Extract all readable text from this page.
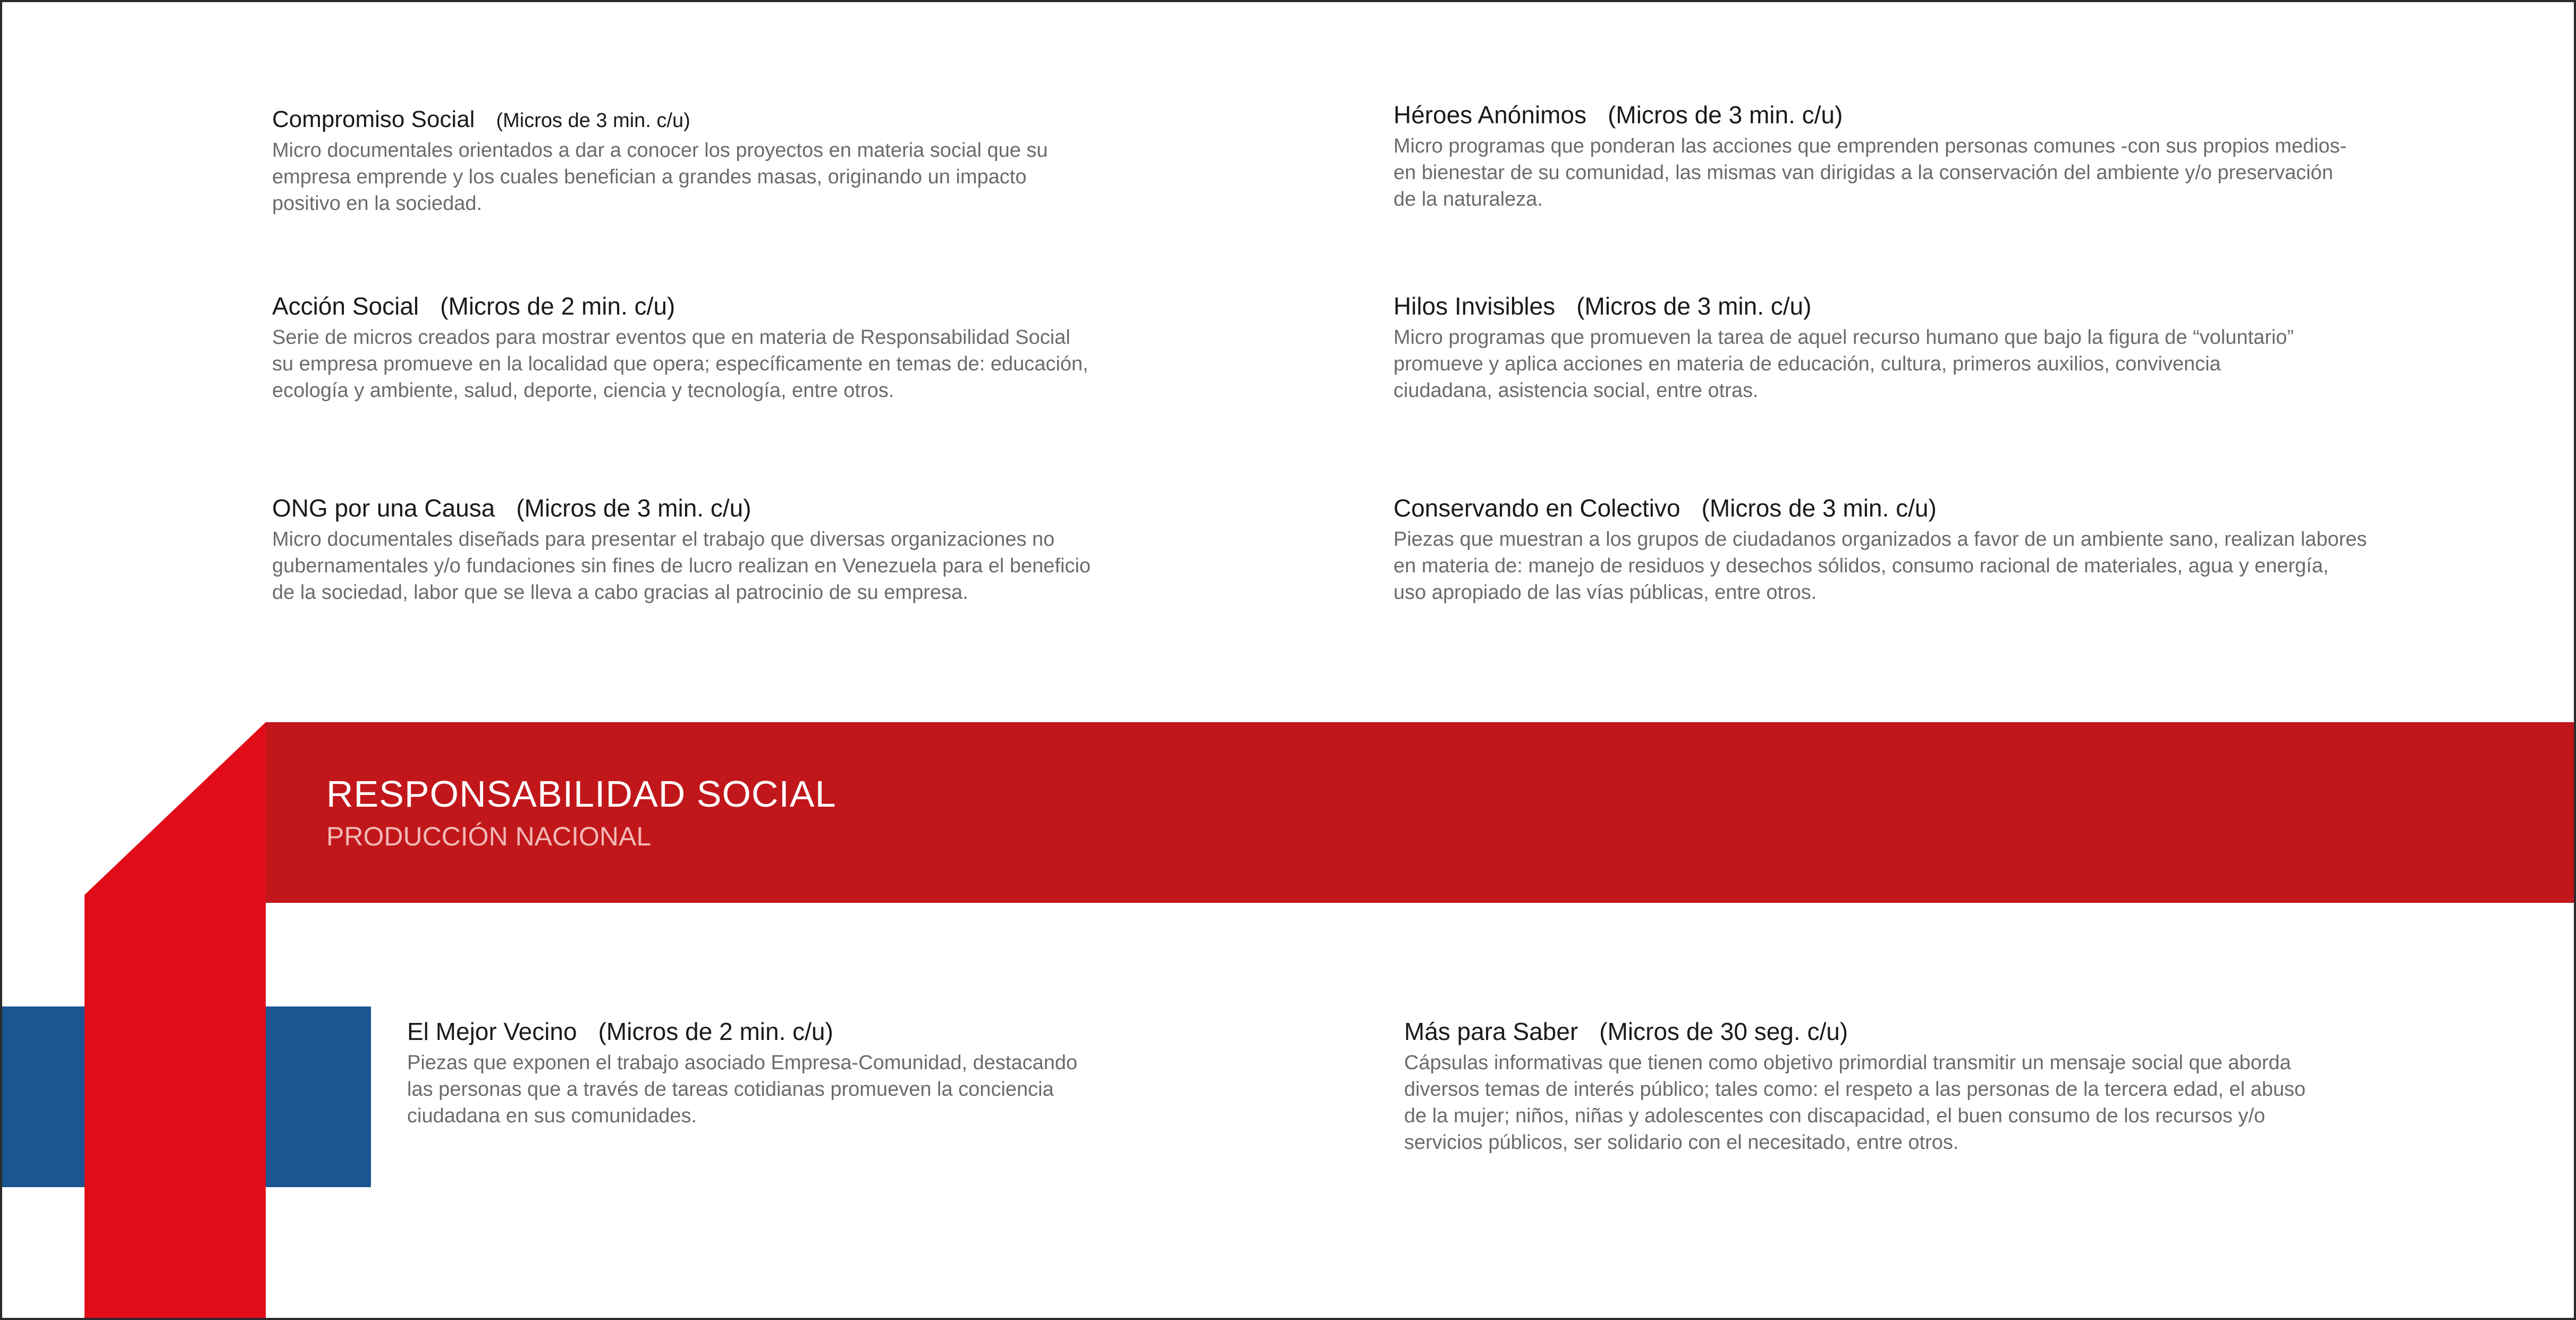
Compromiso Social (Micros de 3 min. c/u)

Micro documentales orientados a dar a conocer los proyectos en materia social que su
empresa emprende y los cuales benefician a grandes masas, originando un impacto
positivo en la sociedad.

Héroes Anónimos (Micros de 3 min. c/u)

Micro programas que ponderan las acciones que emprenden personas comunes -con sus propios medios-
en bienestar de su comunidad, las mismas van dirigidas a la conservación del ambiente y/o preservación
de la naturaleza.

Acción Social (Micros de 2 min. c/u)

Serie de micros creados para mostrar eventos que en materia de Responsabilidad Social
su empresa promueve en la localidad que opera; específicamente en temas de: educación,
ecología y ambiente, salud, deporte, ciencia y tecnología, entre otros.

Hilos Invisibles (Micros de 3 min. c/u)

Micro programas que promueven la tarea de aquel recurso humano que bajo la figura de “voluntario”
promueve y aplica acciones en materia de educación, cultura, primeros auxilios, convivencia
ciudadana, asistencia social, entre otras.

ONG por una Causa (Micros de 3 min. c/u)

Micro documentales diseñads para presentar el trabajo que diversas organizaciones no
gubernamentales y/o fundaciones sin fines de lucro realizan en Venezuela para el beneficio
de la sociedad, labor que se lleva a cabo gracias al patrocinio de su empresa.

Conservando en Colectivo (Micros de 3 min. c/u)

Piezas que muestran a los grupos de ciudadanos organizados a favor de un ambiente sano, realizan labores
en materia de: manejo de residuos y desechos sólidos, consumo racional de materiales, agua y energía,
uso apropiado de las vías públicas, entre otros.

RESPONSABILIDAD SOCIAL
PRODUCCIÓN NACIONAL

El Mejor Vecino (Micros de 2 min. c/u)

Piezas que exponen el trabajo asociado Empresa-Comunidad, destacando
las personas que a través de tareas cotidianas promueven la conciencia
ciudadana en sus comunidades.

Más para Saber (Micros de 30 seg. c/u)

Cápsulas informativas que tienen como objetivo primordial transmitir un mensaje social que aborda
diversos temas de interés público; tales como: el respeto a las personas de la tercera edad, el abuso
de la mujer; niños, niñas y adolescentes con discapacidad, el buen consumo de los recursos y/o
servicios públicos, ser solidario con el necesitado, entre otros.
